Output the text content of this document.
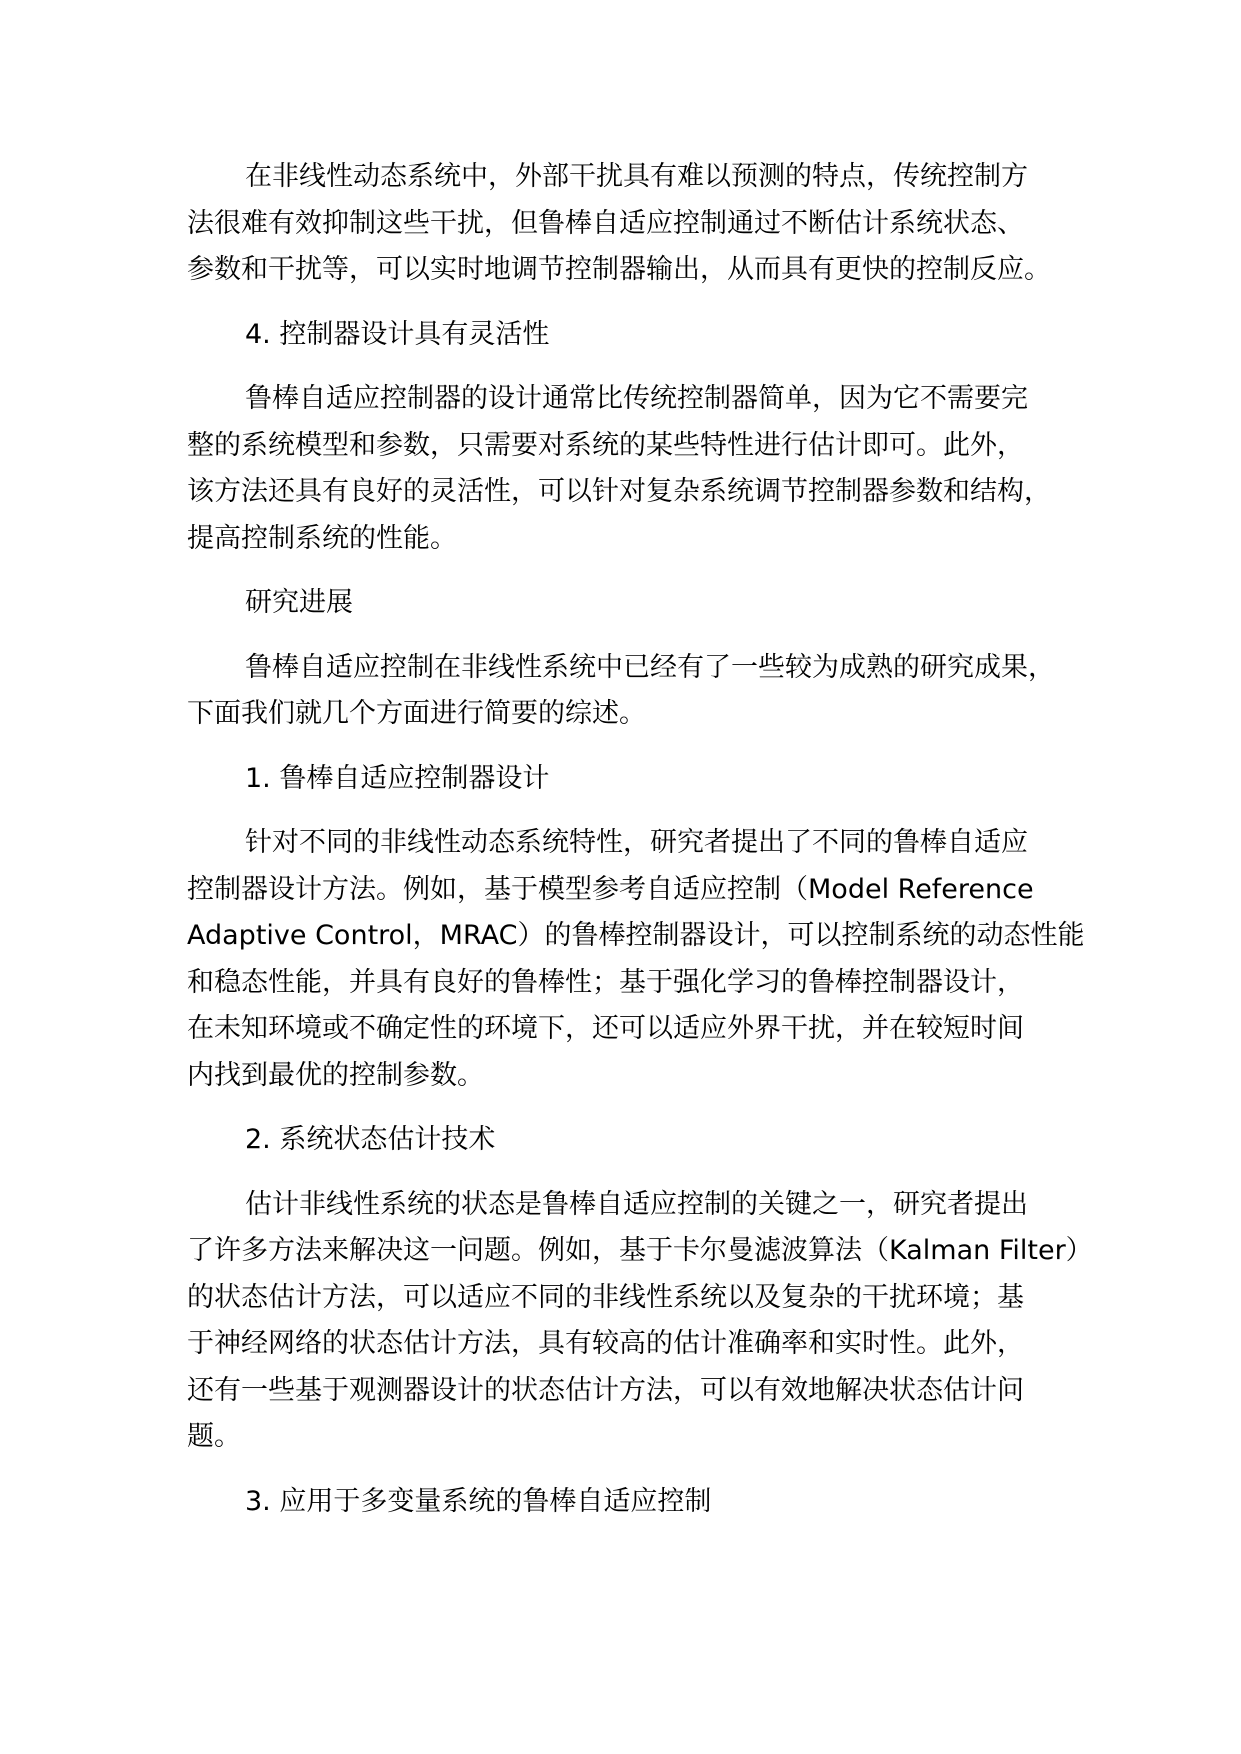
在非线性动态系统中，外部干扰具有难以预测的特点，传统控制方
法很难有效抑制这些干扰，但鲁棒自适应控制通过不断估计系统状态、
参数和干扰等，可以实时地调节控制器输出，从而具有更快的控制反应。
4. 控制器设计具有灵活性
鲁棒自适应控制器的设计通常比传统控制器简单，因为它不需要完
整的系统模型和参数，只需要对系统的某些特性进行估计即可。此外，
该方法还具有良好的灵活性，可以针对复杂系统调节控制器参数和结构，
提高控制系统的性能。
研究进展
鲁棒自适应控制在非线性系统中已经有了一些较为成熟的研究成果，
下面我们就几个方面进行简要的综述。
1. 鲁棒自适应控制器设计
针对不同的非线性动态系统特性，研究者提出了不同的鲁棒自适应
控制器设计方法。例如，基于模型参考自适应控制（Model Reference
Adaptive Control，MRAC）的鲁棒控制器设计，可以控制系统的动态性能
和稳态性能，并具有良好的鲁棒性；基于强化学习的鲁棒控制器设计，
在未知环境或不确定性的环境下，还可以适应外界干扰，并在较短时间
内找到最优的控制参数。
2. 系统状态估计技术
估计非线性系统的状态是鲁棒自适应控制的关键之一，研究者提出
了许多方法来解决这一问题。例如，基于卡尔曼滤波算法（Kalman Filter）
的状态估计方法，可以适应不同的非线性系统以及复杂的干扰环境；基
于神经网络的状态估计方法，具有较高的估计准确率和实时性。此外，
还有一些基于观测器设计的状态估计方法，可以有效地解决状态估计问
题。
3. 应用于多变量系统的鲁棒自适应控制
